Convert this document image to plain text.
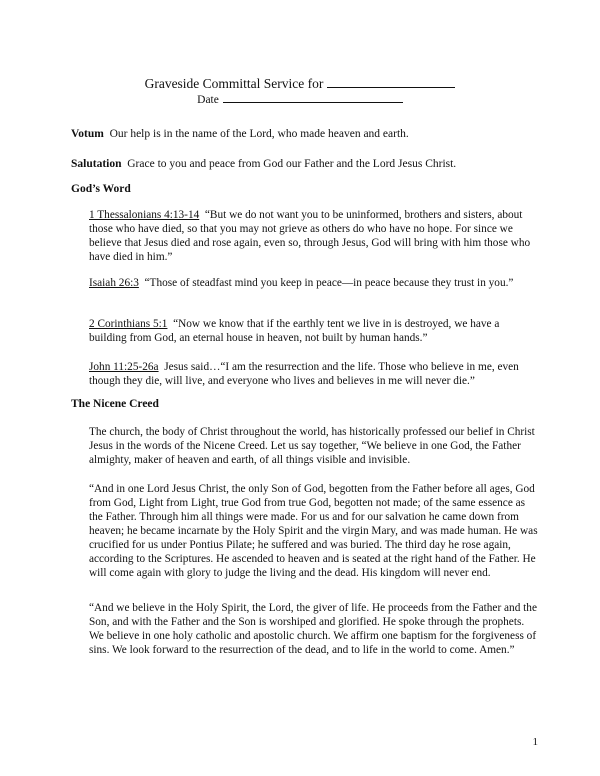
Graveside Committal Service for
Date
Votum Our help is in the name of the Lord, who made heaven and earth.
Salutation Grace to you and peace from God our Father and the Lord Jesus Christ.
God’s Word
1 Thessalonians 4:13-14 “But we do not want you to be uninformed, brothers and sisters, about those who have died, so that you may not grieve as others do who have no hope. For since we believe that Jesus died and rose again, even so, through Jesus, God will bring with him those who have died in him.”
Isaiah 26:3 “Those of steadfast mind you keep in peace—in peace because they trust in you.”
2 Corinthians 5:1 “Now we know that if the earthly tent we live in is destroyed, we have a building from God, an eternal house in heaven, not built by human hands.”
John 11:25-26a Jesus said…“I am the resurrection and the life. Those who believe in me, even though they die, will live, and everyone who lives and believes in me will never die.”
The Nicene Creed
The church, the body of Christ throughout the world, has historically professed our belief in Christ Jesus in the words of the Nicene Creed. Let us say together, “We believe in one God, the Father almighty, maker of heaven and earth, of all things visible and invisible.
“And in one Lord Jesus Christ, the only Son of God, begotten from the Father before all ages, God from God, Light from Light, true God from true God, begotten not made; of the same essence as the Father. Through him all things were made. For us and for our salvation he came down from heaven; he became incarnate by the Holy Spirit and the virgin Mary, and was made human. He was crucified for us under Pontius Pilate; he suffered and was buried. The third day he rose again, according to the Scriptures. He ascended to heaven and is seated at the right hand of the Father. He will come again with glory to judge the living and the dead. His kingdom will never end.
“And we believe in the Holy Spirit, the Lord, the giver of life. He proceeds from the Father and the Son, and with the Father and the Son is worshiped and glorified. He spoke through the prophets. We believe in one holy catholic and apostolic church. We affirm one baptism for the forgiveness of sins. We look forward to the resurrection of the dead, and to life in the world to come. Amen.”
1
